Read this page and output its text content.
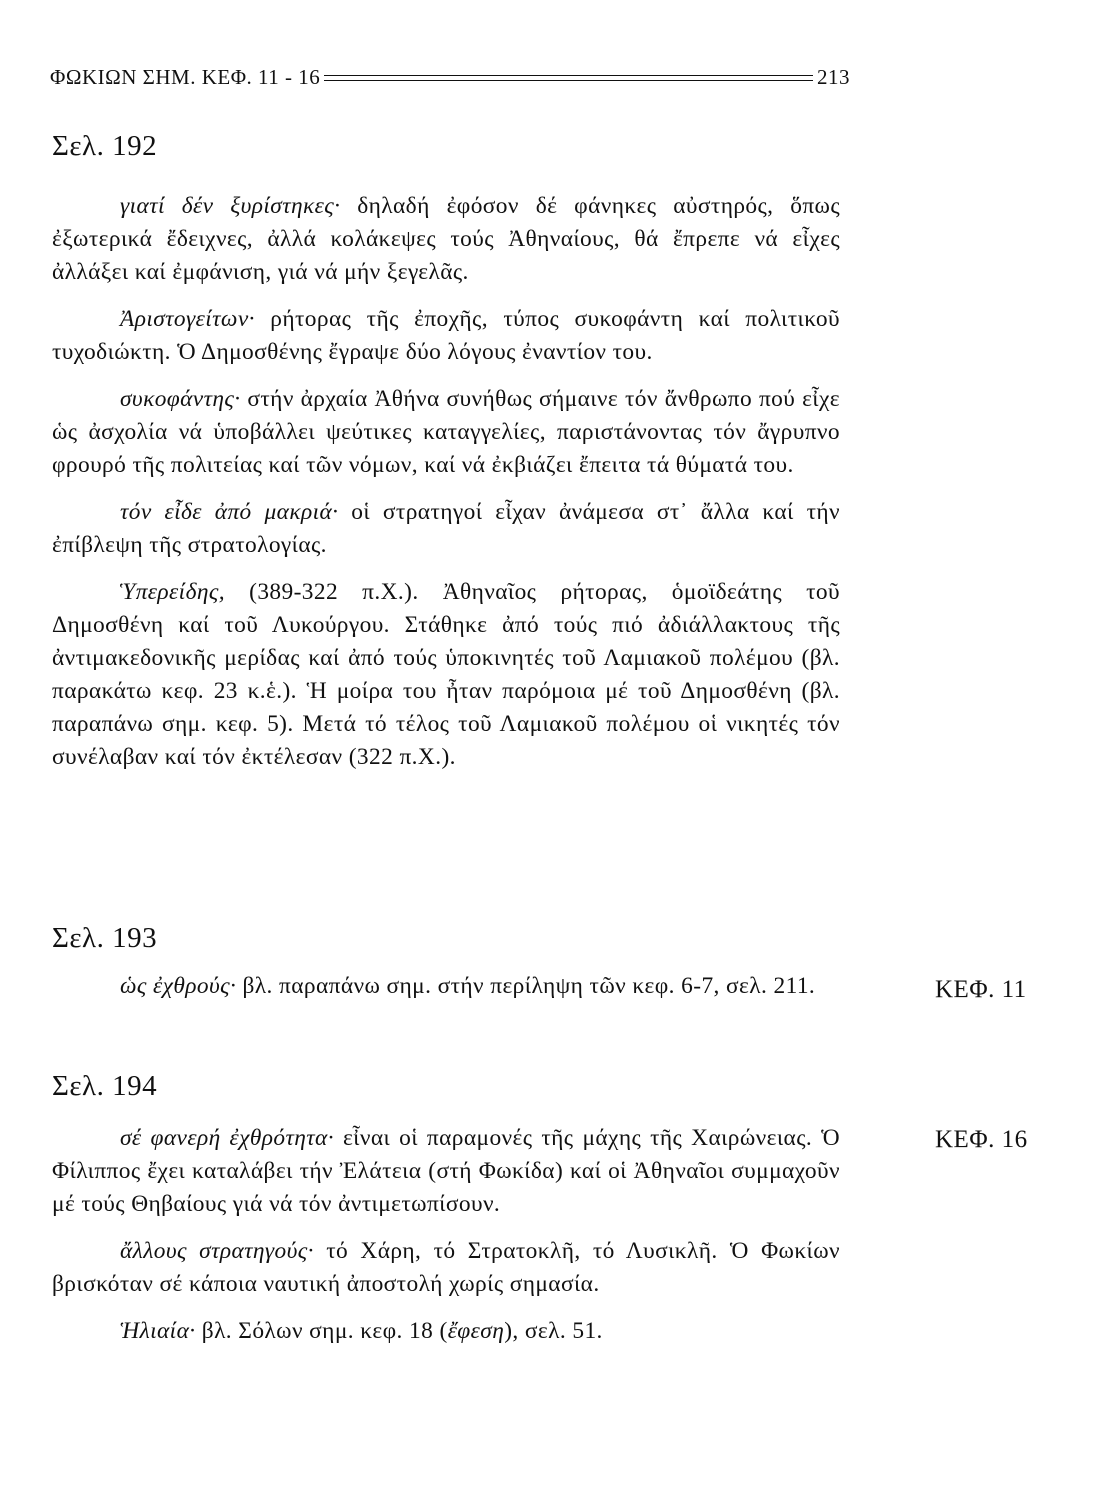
ΦΩΚΙΩΝ ΣΗΜ. ΚΕΦ. 11 - 16	213
Σελ. 192

γιατί δέν ξυρίστηκες· δηλαδή ἐφόσον δέ φάνηκες αὐστηρός, ὅπως ἐξωτερικά ἔδειχνες, ἀλλά κολάκεψες τούς Ἀθηναίους, θά ἔπρεπε νά εἶχες ἀλλάξει καί ἐμφάνιση, γιά νά μήν ξεγελᾶς.

Ἀριστογείτων· ρήτορας τῆς ἐποχῆς, τύπος συκοφάντη καί πολιτικοῦ τυχοδιώκτη. Ὁ Δημοσθένης ἔγραψε δύο λόγους ἐναντίον του.

συκοφάντης· στήν ἀρχαία Ἀθήνα συνήθως σήμαινε τόν ἄνθρωπο πού εἶχε ὡς ἀσχολία νά ὑποβάλλει ψεύτικες καταγγελίες, παριστάνοντας τόν ἄγρυπνο φρουρό τῆς πολιτείας καί τῶν νόμων, καί νά ἐκβιάζει ἔπειτα τά θύματά του.

τόν εἶδε ἀπό μακριά· οἱ στρατηγοί εἶχαν ἀνάμεσα στ᾿ ἄλλα καί τήν ἐπίβλεψη τῆς στρατολογίας.

Ὑπερείδης, (389-322 π.Χ.). Ἀθηναῖος ρήτορας, ὁμοϊδεάτης τοῦ Δημοσθένη καί τοῦ Λυκούργου. Στάθηκε ἀπό τούς πιό ἀδιάλλακτους τῆς ἀντιμακεδονικῆς μερίδας καί ἀπό τούς ὑποκινητές τοῦ Λαμιακοῦ πολέμου (βλ. παρακάτω κεφ. 23 κ.ἑ.). Ἡ μοίρα του ἦταν παρόμοια μέ τοῦ Δημοσθένη (βλ. παραπάνω σημ. κεφ. 5). Μετά τό τέλος τοῦ Λαμιακοῦ πολέμου οἱ νικητές τόν συνέλαβαν καί τόν ἐκτέλεσαν (322 π.Χ.).

Σελ. 193
ΚΕΦ. 11

ὡς ἐχθρούς· βλ. παραπάνω σημ. στήν περίληψη τῶν κεφ. 6-7, σελ. 211.

Σελ. 194
ΚΕΦ. 16

σέ φανερή ἐχθρότητα· εἶναι οἱ παραμονές τῆς μάχης τῆς Χαιρώνειας. Ὁ Φίλιππος ἔχει καταλάβει τήν Ἐλάτεια (στή Φωκίδα) καί οἱ Ἀθηναῖοι συμμαχοῦν μέ τούς Θηβαίους γιά νά τόν ἀντιμετωπίσουν.

ἄλλους στρατηγούς· τό Χάρη, τό Στρατοκλῆ, τό Λυσικλῆ. Ὁ Φωκίων βρισκόταν σέ κάποια ναυτική ἀποστολή χωρίς σημασία.

Ἡλιαία· βλ. Σόλων σημ. κεφ. 18 (ἔφεση), σελ. 51.
